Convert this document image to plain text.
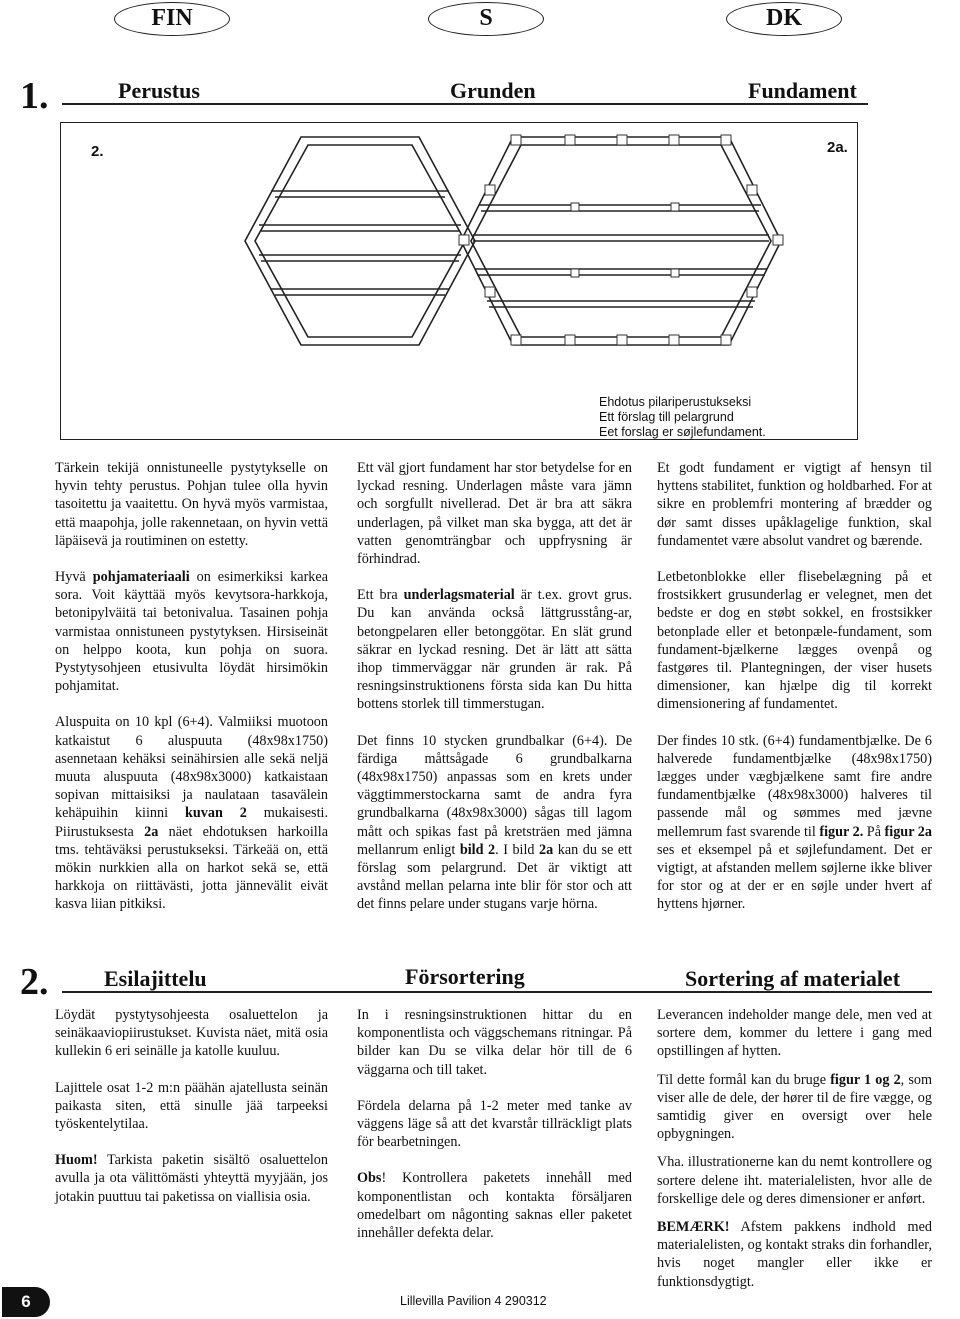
FIN	S	DK
1.	Perustus	Grunden	Fundament
2.	2a.
Ehdotus pilariperustukseksi
Ett förslag till pelargrund
Eet forslag er søjlefundament.

Tärkein tekijä onnistuneelle pystytykselle on hyvin tehty perustus. Pohjan tulee olla hyvin tasoitettu ja vaaitettu. On hyvä myös varmistaa, että maapohja, jolle rakennetaan, on hyvin vettä läpäisevä ja routiminen on estetty.

Hyvä pohjamateriaali on esimerkiksi karkea sora. Voit käyttää myös kevytsora-harkkoja, betonipylväitä tai betonivalua. Tasainen pohja varmistaa onnistuneen pystytyksen. Hirsiseinät on helppo koota, kun pohja on suora. Pystytysohjeen etusivulta löydät hirsimökin pohjamitat.

Aluspuita on 10 kpl (6+4). Valmiiksi muotoon katkaistut 6 aluspuuta (48x98x1750) asennetaan kehäksi seinähirsien alle sekä neljä muuta aluspuuta (48x98x3000) katkaistaan sopivan mittaisiksi ja naulataan tasavälein kehäpuihin kiinni kuvan 2 mukaisesti. Piirustuksesta 2a näet ehdotuksen harkoilla tms. tehtäväksi perustukseksi. Tärkeää on, että mökin nurkkien alla on harkot sekä se, että harkkoja on riittävästi, jotta jännevälit eivät kasva liian pitkiksi.

Ett väl gjort fundament har stor betydelse for en lyckad resning. Underlagen måste vara jämn och sorgfullt nivellerad. Det är bra att säkra underlagen, på vilket man ska bygga, att det är vatten genomträngbar och uppfrysning är förhindrad.

Ett bra underlagsmaterial är t.ex. grovt grus. Du kan använda också lättgrusstång-ar, betongpelaren eller betonggötar. En slät grund säkrar en lyckad resning. Det är lätt att sätta ihop timmerväggar när grunden är rak. På resningsinstruktionens första sida kan Du hitta bottens storlek till timmerstugan.

Det finns 10 stycken grundbalkar (6+4). De färdiga måttsågade 6 grundbalkarna (48x98x1750) anpassas som en krets under väggtimmerstockarna samt de andra fyra grundbalkarna (48x98x3000) sågas till lagom mått och spikas fast på kretsträen med jämna mellanrum enligt bild 2. I bild 2a kan du se ett förslag som pelargrund. Det är viktigt att avstånd mellan pelarna inte blir för stor och att det finns pelare under stugans varje hörna.

Et godt fundament er vigtigt af hensyn til hyttens stabilitet, funktion og holdbarhed. For at sikre en problemfri montering af brædder og dør samt disses upåklagelige funktion, skal fundamentet være absolut vandret og bærende.

Letbetonblokke eller flisebelægning på et frostsikkert grusunderlag er velegnet, men det bedste er dog en støbt sokkel, en frostsikker betonplade eller et betonpæle-fundament, som fundament-bjælkerne lægges ovenpå og fastgøres til. Plantegningen, der viser husets dimensioner, kan hjælpe dig til korrekt dimensionering af fundamentet.

Der findes 10 stk. (6+4) fundamentbjælke. De 6 halverede fundamentbjælke (48x98x1750) lægges under vægbjælkene samt fire andre fundamentbjælke (48x98x3000) halveres til passende mål og sømmes med jævne mellemrum fast svarende til figur 2. På figur 2a ses et eksempel på et søjlefundament. Det er vigtigt, at afstanden mellem søjlerne ikke bliver for stor og at der er en søjle under hvert af hyttens hjørner.

2.	Esilajittelu	Försortering	Sortering af materialet

Löydät pystytysohjeesta osaluettelon ja seinäkaaviopiirustukset. Kuvista näet, mitä osia kullekin 6 eri seinälle ja katolle kuuluu.

Lajittele osat 1-2 m:n päähän ajatellusta seinän paikasta siten, että sinulle jää tarpeeksi työskentelytilaa.

Huom! Tarkista paketin sisältö osaluettelon avulla ja ota välittömästi yhteyttä myyjään, jos jotakin puuttuu tai paketissa on viallisia osia.

In i resningsinstruktionen hittar du en komponentlista och väggschemans ritningar. På bilder kan Du se vilka delar hör till de 6 väggarna och till taket.

Fördela delarna på 1-2 meter med tanke av väggens läge så att det kvarstår tillräckligt plats för bearbetningen.

Obs! Kontrollera paketets innehåll med komponentlistan och kontakta försäljaren omedelbart om någonting saknas eller paketet innehåller defekta delar.

Leverancen indeholder mange dele, men ved at sortere dem, kommer du lettere i gang med opstillingen af hytten.

Til dette formål kan du bruge figur 1 og 2, som viser alle de dele, der hører til de fire vægge, og samtidig giver en oversigt over hele opbygningen.

Vha. illustrationerne kan du nemt kontrollere og sortere delene iht. materialelisten, hvor alle de forskellige dele og deres dimensioner er anført.

BEMÆRK! Afstem pakkens indhold med materialelisten, og kontakt straks din forhandler, hvis noget mangler eller ikke er funktionsdygtigt.

Lillevilla Pavilion 4 290312
6
